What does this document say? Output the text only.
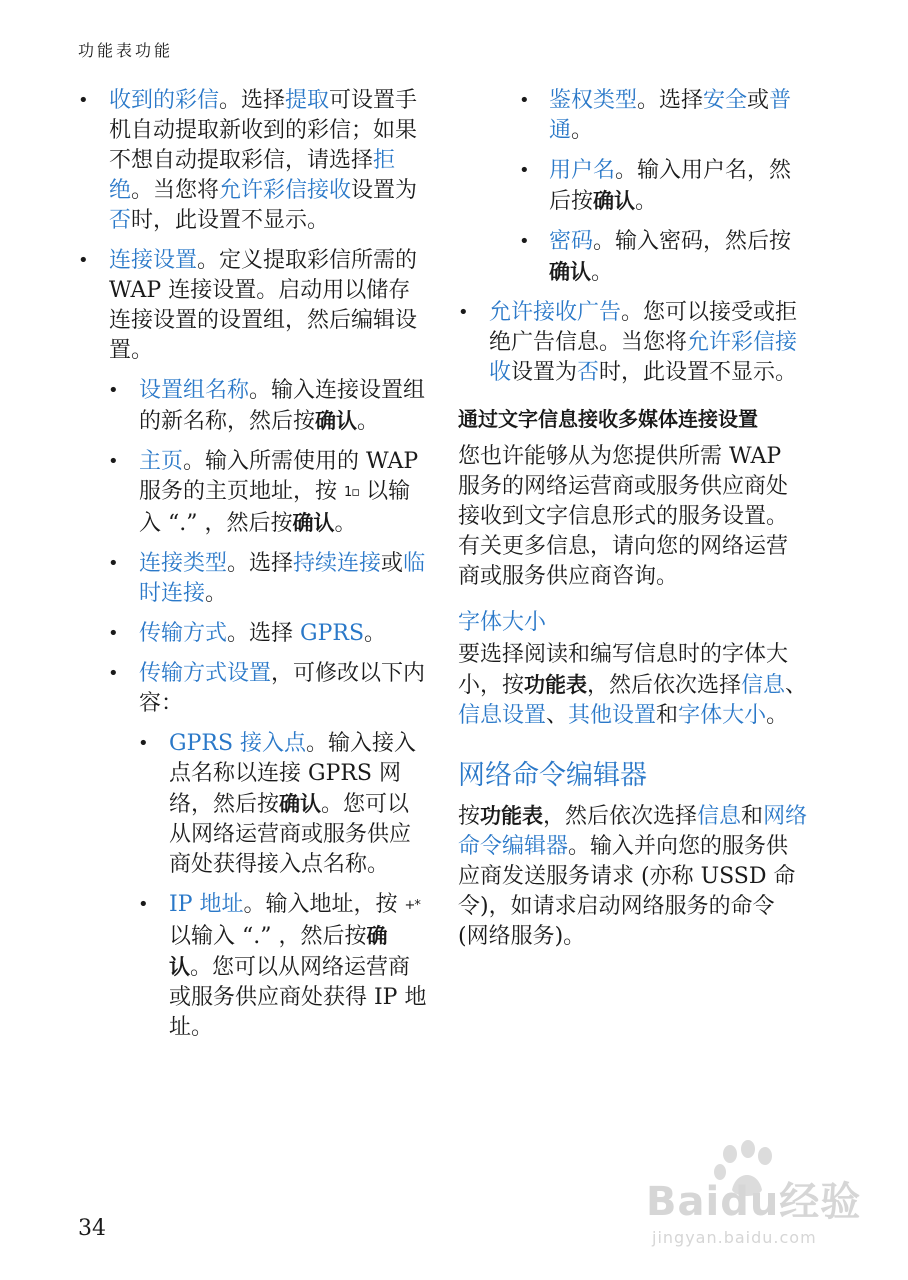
功能表功能
• 收到的彩信。选择提取可设置手机自动提取新收到的彩信；如果不想自动提取彩信，请选择拒绝。当您将允许彩信接收设置为否时，此设置不显示。
• 连接设置。定义提取彩信所需的 WAP 连接设置。启动用以储存连接设置的设置组，然后编辑设置。
• 设置组名称。输入连接设置组的新名称，然后按确认。
• 主页。输入所需使用的 WAP 服务的主页地址，按 1▫ 以输入 “.” ，然后按确认。
• 连接类型。选择持续连接或临时连接。
• 传输方式。选择 GPRS。
• 传输方式设置，可修改以下内容：
• GPRS 接入点。输入接入点名称以连接 GPRS 网络，然后按确认。您可以从网络运营商或服务供应商处获得接入点名称。
• IP 地址。输入地址，按 +* 以输入 “.” ，然后按确认。您可以从网络运营商或服务供应商处获得 IP 地址。
• 鉴权类型。选择安全或普通。
• 用户名。输入用户名，然后按确认。
• 密码。输入密码，然后按确认。
• 允许接收广告。您可以接受或拒绝广告信息。当您将允许彩信接收设置为否时，此设置不显示。
通过文字信息接收多媒体连接设置
您也许能够从为您提供所需 WAP 服务的网络运营商或服务供应商处接收到文字信息形式的服务设置。有关更多信息，请向您的网络运营商或服务供应商咨询。
字体大小
要选择阅读和编写信息时的字体大小，按功能表，然后依次选择信息、信息设置、其他设置和字体大小。
网络命令编辑器
按功能表，然后依次选择信息和网络命令编辑器。输入并向您的服务供应商发送服务请求 (亦称 USSD 命令)，如请求启动网络服务的命令 (网络服务)。
34
Baidu经验
jingyan.baidu.com
